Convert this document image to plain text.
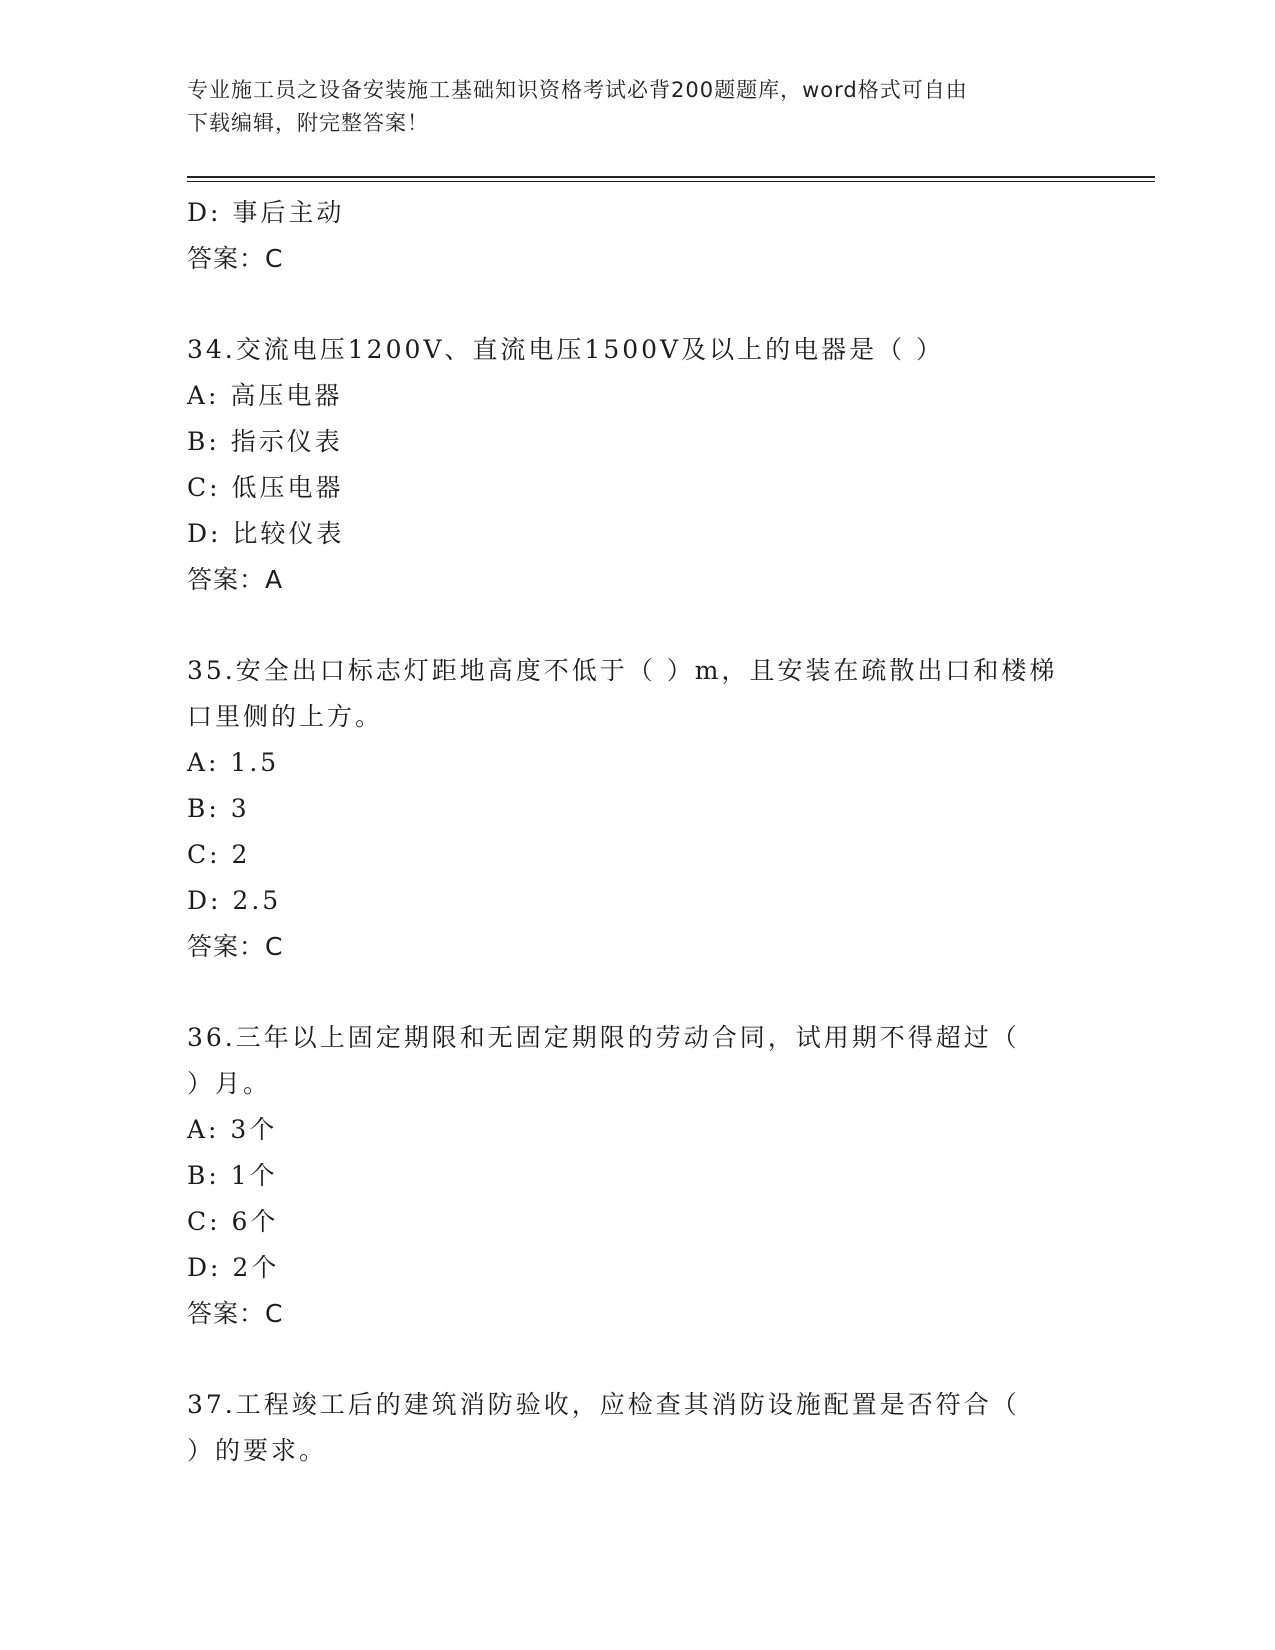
专业施工员之设备安装施工基础知识资格考试必背200题题库，word格式可自由
下载编辑，附完整答案！
D: 事后主动
答案：C
34.交流电压1200V、直流电压1500V及以上的电器是（ ）
A: 高压电器
B: 指示仪表
C: 低压电器
D: 比较仪表
答案：A
35.安全出口标志灯距地高度不低于（ ）m，且安装在疏散出口和楼梯
口里侧的上方。
A: 1.5
B: 3
C: 2
D: 2.5
答案：C
36.三年以上固定期限和无固定期限的劳动合同，试用期不得超过（
）月。
A: 3个
B: 1个
C: 6个
D: 2个
答案：C
37.工程竣工后的建筑消防验收，应检查其消防设施配置是否符合（
）的要求。
